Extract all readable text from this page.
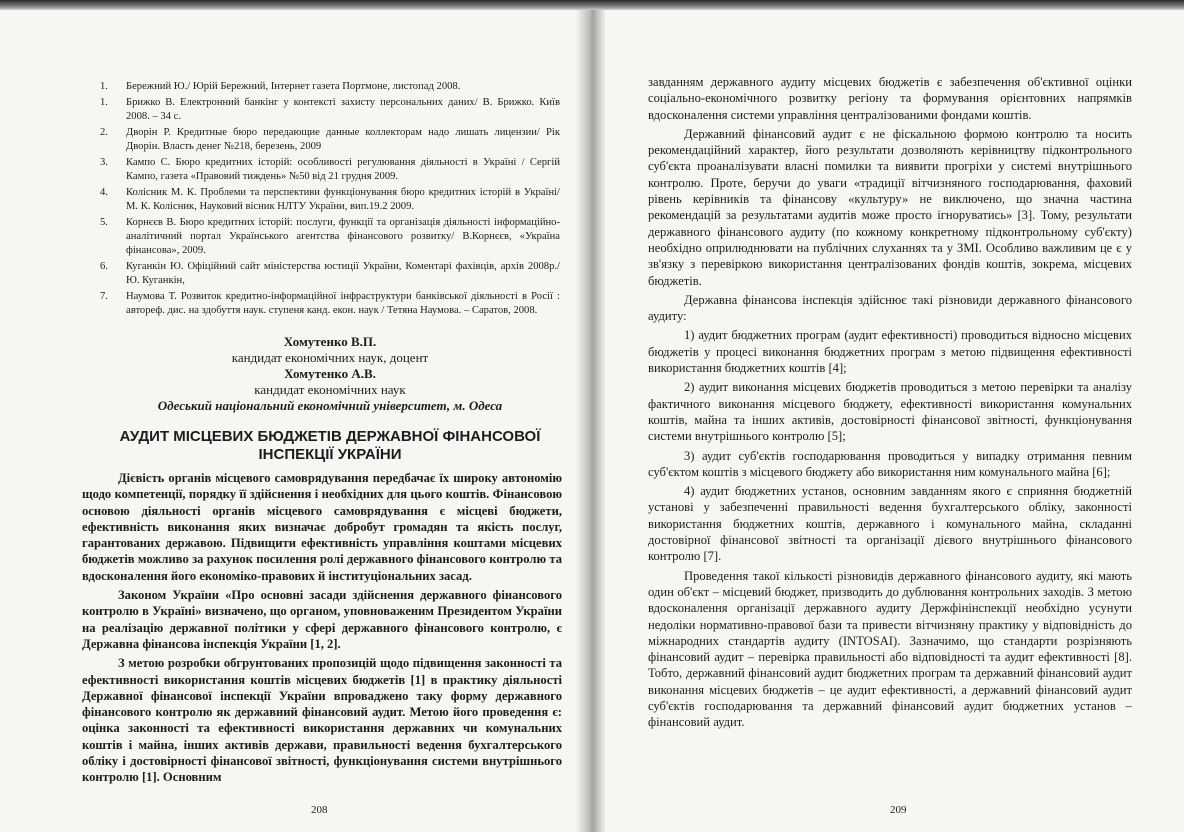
1. Бережний Ю./ Юрій Бережний, Інтернет газета Портмоне, листопад 2008.
1. Брижко В. Електронний банкінг у контексті захисту персональних даних/ В. Брижко. Київ 2008. – 34 с.
2. Дворін Р. Кредитные бюро передающие данные коллекторам надо лишать лицензии/ Рік Дворін. Власть денег №218, березень, 2009
3. Кампо С. Бюро кредитних історій: особливості регулювання діяльності в Україні / Сергій Кампо, газета «Правовий тиждень» №50 від 21 грудня 2009.
4. Колісник М. К. Проблеми та перспективи функціонування бюро кредитних історій в Україні/ М. К. Колісник, Науковий вісник НЛТУ України, вип.19.2 2009.
5. Корнєєв В. Бюро кредитних історій: послуги, функції та організація діяльності інформаційно-аналітичний портал Українського агентства фінансового розвитку/ В.Корнєєв, «Україна фінансова», 2009.
6. Куганкін Ю. Офіційний сайт міністерства юстиції України, Коментарі фахівців, архів 2008р./ Ю. Куганкін,
7. Наумова Т. Розвиток кредитно-інформаційної інфраструктури банківської діяльності в Росії : автореф. дис. на здобуття наук. ступеня канд. екон. наук / Тетяна Наумова. – Саратов, 2008.
Хомутенко В.П.
кандидат економічних наук, доцент
Хомутенко А.В.
кандидат економічних наук
Одеський національний економічний університет, м. Одеса
АУДИТ МІСЦЕВИХ БЮДЖЕТІВ ДЕРЖАВНОЇ ФІНАНСОВОЇ ІНСПЕКЦІЇ УКРАЇНИ

Дієвість органів місцевого самоврядування передбачає їх широку автономію щодо компетенції, порядку її здійснення і необхідних для цього коштів. Фінансовою основою діяльності органів місцевого самоврядування є місцеві бюджети, ефективність виконання яких визначає добробут громадян та якість послуг, гарантованих державою. Підвищити ефективність управління коштами місцевих бюджетів можливо за рахунок посилення ролі державного фінансового контролю та вдосконалення його економіко-правових й інституціональних засад.

Законом України «Про основні засади здійснення державного фінансового контролю в Україні» визначено, що органом, уповноваженим Президентом України на реалізацію державної політики у сфері державного фінансового контролю, є Державна фінансова інспекція України [1, 2].

З метою розробки обгрунтованих пропозицій щодо підвищення законності та ефективності використання коштів місцевих бюджетів [1] в практику діяльності Державної фінансової інспекції України впроваджено таку форму державного фінансового контролю як державний фінансовий аудит. Метою його проведення є: оцінка законності та ефективності використання державних чи комунальних коштів і майна, інших активів держави, правильності ведення бухгалтерського обліку і достовірності фінансової звітності, функціонування системи внутрішнього контролю [1]. Основним

208	209

завданням державного аудиту місцевих бюджетів є забезпечення об'єктивної оцінки соціально-економічного розвитку регіону та формування орієнтовних напрямків вдосконалення системи управління централізованими фондами коштів.

Державний фінансовий аудит є не фіскальною формою контролю та носить рекомендаційний характер, його результати дозволяють керівництву підконтрольного суб'єкта проаналізувати власні помилки та виявити прогріхи у системі внутрішнього контролю. Проте, беручи до уваги «традиції вітчизняного господарювання, фаховий рівень керівників та фінансову «культуру» не виключено, що значна частина рекомендацій за результатами аудитів може просто ігноруватись» [3]. Тому, результати державного фінансового аудиту (по кожному конкретному підконтрольному суб'єкту) необхідно оприлюднювати на публічних слуханнях та у ЗМІ. Особливо важливим це є у зв'язку з перевіркою використання централізованих фондів коштів, зокрема, місцевих бюджетів.

Державна фінансова інспекція здійснює такі різновиди державного фінансового аудиту:

1) аудит бюджетних програм (аудит ефективності) проводиться відносно місцевих бюджетів у процесі виконання бюджетних програм з метою підвищення ефективності використання бюджетних коштів [4];

2) аудит виконання місцевих бюджетів проводиться з метою перевірки та аналізу фактичного виконання місцевого бюджету, ефективності використання комунальних коштів, майна та інших активів, достовірності фінансової звітності, функціонування системи внутрішнього контролю [5];

3) аудит суб'єктів господарювання проводиться у випадку отримання певним суб'єктом коштів з місцевого бюджету або використання ним комунального майна [6];

4) аудит бюджетних установ, основним завданням якого є сприяння бюджетній установі у забезпеченні правильності ведення бухгалтерського обліку, законності використання бюджетних коштів, державного і комунального майна, складанні достовірної фінансової звітності та організації дієвого внутрішнього фінансового контролю [7].

Проведення такої кількості різновидів державного фінансового аудиту, які мають один об'єкт – місцевий бюджет, призводить до дублювання контрольних заходів. З метою вдосконалення організації державного аудиту Держфінінспекції необхідно усунути недоліки нормативно-правової бази та привести вітчизняну практику у відповідність до міжнародних стандартів аудиту (INTOSAI). Зазначимо, що стандарти розрізняють фінансовий аудит – перевірка правильності або відповідності та аудит ефективності [8]. Тобто, державний фінансовий аудит бюджетних програм та державний фінансовий аудит виконання місцевих бюджетів – це аудит ефективності, а державний фінансовий аудит суб'єктів господарювання та державний фінансовий аудит бюджетних установ – фінансовий аудит.
